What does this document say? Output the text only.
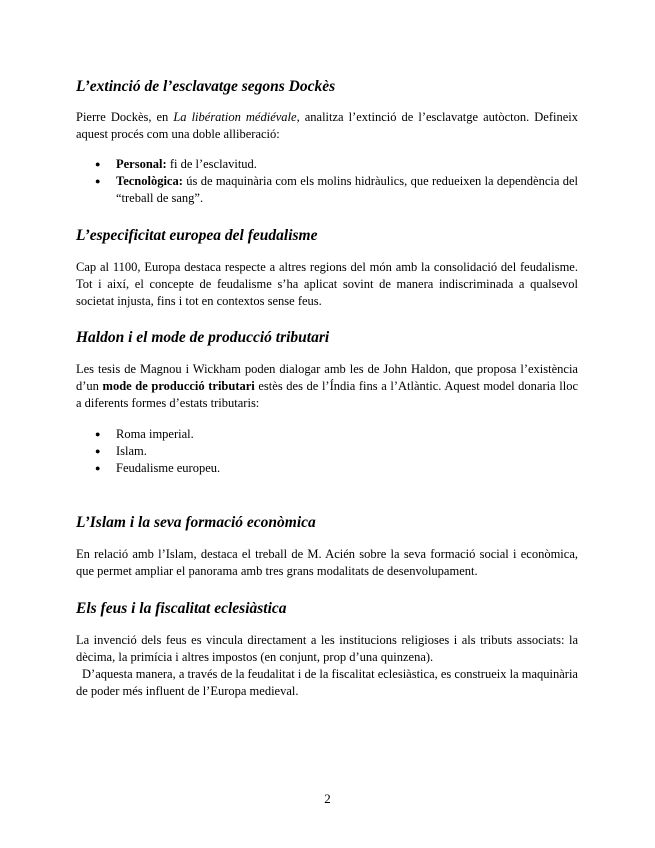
L’extinció de l’esclavatge segons Dockès

Pierre Dockès, en La libération médiévale, analitza l’extinció de l’esclavatge autòcton. Defineix aquest procés com una doble alliberació:

● Personal: fi de l’esclavitud.
● Tecnològica: ús de maquinària com els molins hidràulics, que redueixen la dependència del “treball de sang”.
L’especificitat europea del feudalisme

Cap al 1100, Europa destaca respecte a altres regions del món amb la consolidació del feudalisme. Tot i així, el concepte de feudalisme s’ha aplicat sovint de manera indiscriminada a qualsevol societat injusta, fins i tot en contextos sense feus.

Haldon i el mode de producció tributari

Les tesis de Magnou i Wickham poden dialogar amb les de John Haldon, que proposa l’existència d’un mode de producció tributari estès des de l’Índia fins a l’Atlàntic. Aquest model donaria lloc a diferents formes d’estats tributaris:

● Roma imperial.
● Islam.
● Feudalisme europeu.
L’Islam i la seva formació econòmica

En relació amb l’Islam, destaca el treball de M. Acién sobre la seva formació social i econòmica, que permet ampliar el panorama amb tres grans modalitats de desenvolupament.

Els feus i la fiscalitat eclesiàstica

La invenció dels feus es vincula directament a les institucions religioses i als tributs associats: la dècima, la primícia i altres impostos (en conjunt, prop d’una quinzena).

D’aquesta manera, a través de la feudalitat i de la fiscalitat eclesiàstica, es construeix la maquinària de poder més influent de l’Europa medieval.

2
